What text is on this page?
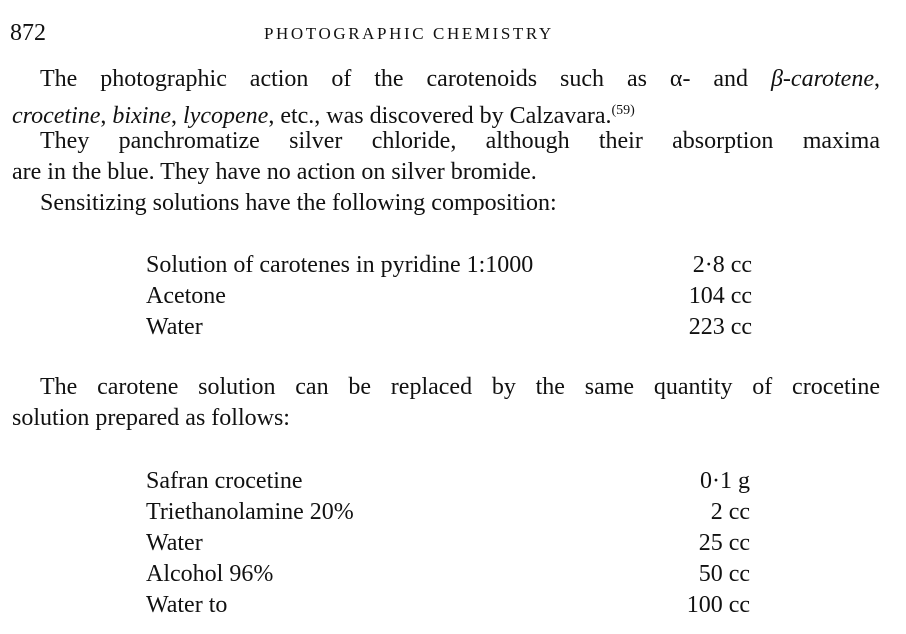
872	PHOTOGRAPHIC CHEMISTRY
The photographic action of the carotenoids such as α- and β-carotene,
crocetine, bixine, lycopene, etc., was discovered by Calzavara.$^{(59)}$
They panchromatize silver chloride, although their absorption maxima
are in the blue. They have no action on silver bromide.
Sensitizing solutions have the following composition:
Solution of carotenes in pyridine 1:1000	2·8 cc
Acetone	104 cc
Water	223 cc
The carotene solution can be replaced by the same quantity of crocetine
solution prepared as follows:
Safran crocetine	0·1 g
Triethanolamine 20%	2 cc
Water	25 cc
Alcohol 96%	50 cc
Water to	100 cc
